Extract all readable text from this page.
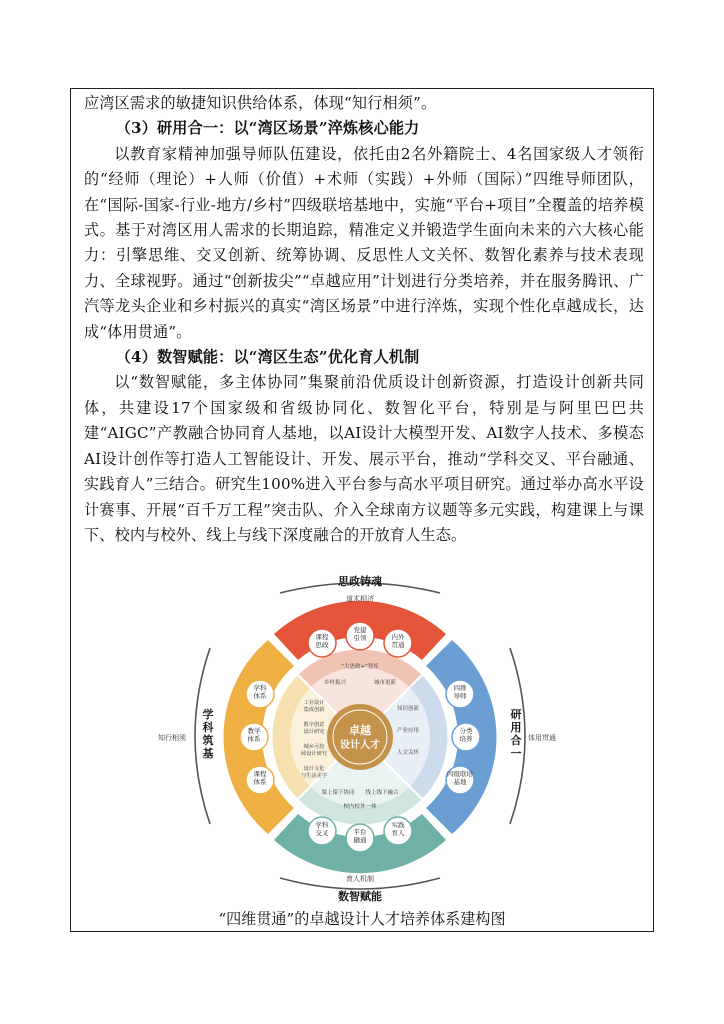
应湾区需求的敏捷知识供给体系，体现“知行相须”。

（3）研用合一：以“湾区场景”淬炼核心能力

以教育家精神加强导师队伍建设，依托由2名外籍院士、4名国家级人才领衔的“经师（理论）+人师（价值）+术师（实践）+外师（国际）”四维导师团队，在“国际-国家-行业-地方/乡村”四级联培基地中，实施“平台+项目”全覆盖的培养模式。基于对湾区用人需求的长期追踪，精准定义并锻造学生面向未来的六大核心能力：引擎思维、交叉创新、统筹协调、反思性人文关怀、数智化素养与技术表现力、全球视野。通过“创新拔尖”“卓越应用”计划进行分类培养，并在服务腾讯、广汽等龙头企业和乡村振兴的真实“湾区场景”中进行淬炼，实现个性化卓越成长，达成“体用贯通”。

（4）数智赋能：以“湾区生态”优化育人机制

以“数智赋能，多主体协同”集聚前沿优质设计创新资源，打造设计创新共同体，共建设17个国家级和省级协同化、数智化平台，特别是与阿里巴巴共建“AIGC”产教融合协同育人基地，以AI设计大模型开发、AI数字人技术、多模态AI设计创作等打造人工智能设计、开发、展示平台，推动“学科交叉、平台融通、实践育人”三结合。研究生100%进入平台参与高水平项目研究。通过举办高水平设计赛事、开展“百千万工程”突击队、介入全球南方议题等多元实践，构建课上与课下、校内与校外、线上与线下深度融合的开放育人生态。

卓越
设计人才
思政铸魂
道术相济
数智赋能
育人机制
知行相须	体用贯通
学
科
筑
基
研
用
合
一
课程
思政
党建
引领	内外
贯通
四维
导师
分类
培养
四级联培
基地
学科
交叉	平台
融通
实践
育人
学科
体系
教学
体系
课程
体系
“大思政+”智库
乡村振兴	城市更新
课上课下协同 线上线下融合
校内校外一体
工业设计
集成创新
数字创意
设计研究
城乡可持
续设计研究
设计文化
与生活美学
知识创新
产业应用
人文关怀
“四维贯通”的卓越设计人才培养体系建构图
